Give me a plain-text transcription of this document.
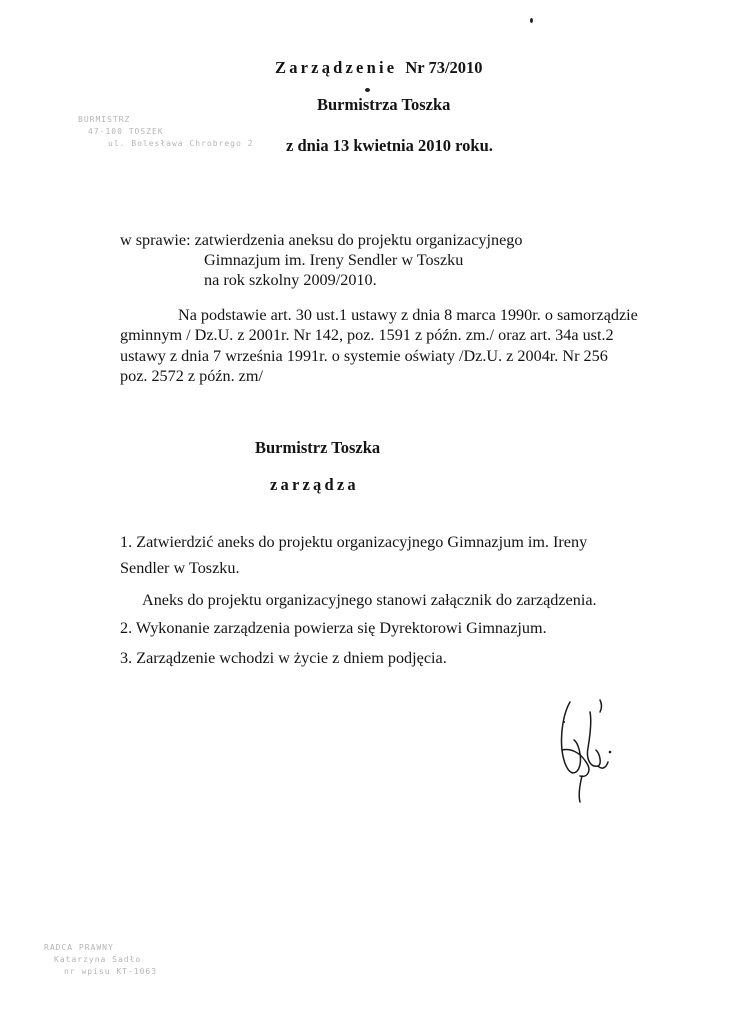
Zarządzenie Nr 73/2010
Burmistrza Toszka
z dnia 13 kwietnia 2010 roku.
BURMISTRZ
47-100 TOSZEK
ul. Bolesława Chrobrego 2
w sprawie: zatwierdzenia aneksu do projektu organizacyjnego
Gimnazjum im. Ireny Sendler w Toszku
na rok szkolny 2009/2010.
Na podstawie art. 30 ust.1 ustawy z dnia 8 marca 1990r. o samorządzie
gminnym / Dz.U. z 2001r. Nr 142, poz. 1591 z późn. zm./ oraz art. 34a ust.2
ustawy z dnia 7 września 1991r. o systemie oświaty /Dz.U. z 2004r. Nr 256
poz. 2572 z późn. zm/
Burmistrz Toszka
zarządza
1. Zatwierdzić aneks do projektu organizacyjnego Gimnazjum im. Ireny
Sendler w Toszku.
Aneks do projektu organizacyjnego stanowi załącznik do zarządzenia.
2. Wykonanie zarządzenia powierza się Dyrektorowi Gimnazjum.
3. Zarządzenie wchodzi w życie z dniem podjęcia.
RADCA PRAWNY
Katarzyna Sadło
nr wpisu KT-1063
